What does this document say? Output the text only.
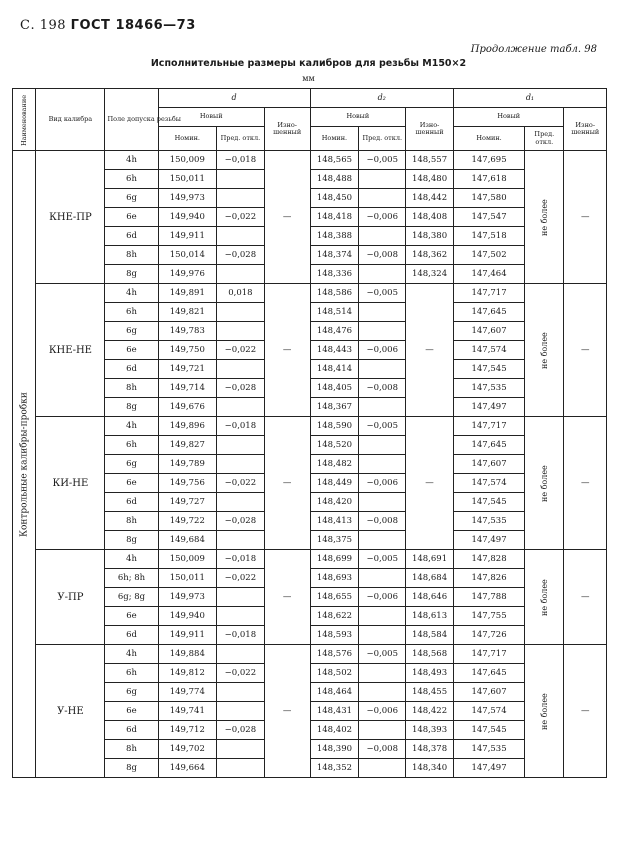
С. 198 ГОСТ 18466—73
Продолжение табл. 98
Исполнительные размеры калибров для резьбы M150×2
мм
Наименование	Вид калибра	Поле допуска резьбы	d			d₂			d₁		
			Новый		Изно-шенный	Новый		Изно-шенный	Новый		Изно-шенный
			Номин.	Пред. откл.		Номин.	Пред. откл.		Номин.	Пред. откл.	
Контрольные калибры-пробки	КНЕ-ПР	4h	150,009	−0,018	—	148,565	−0,005	148,557	147,695	не более	—
		6h	150,011			148,488		148,480	147,618		
		6g	149,973			148,450		148,442	147,580		
		6e	149,940	−0,022		148,418	−0,006	148,408	147,547		
		6d	149,911			148,388		148,380	147,518		
		8h	150,014	−0,028		148,374	−0,008	148,362	147,502		
		8g	149,976			148,336		148,324	147,464		
	КНЕ-НЕ	4h	149,891	0,018	—	148,586	−0,005	—	147,717	не более	—
		6h	149,821			148,514			147,645		
		6g	149,783			148,476			147,607		
		6e	149,750	−0,022		148,443	−0,006		147,574		
		6d	149,721			148,414			147,545		
		8h	149,714	−0,028		148,405	−0,008		147,535		
		8g	149,676			148,367			147,497		
	КИ-НЕ	4h	149,896	−0,018	—	148,590	−0,005	—	147,717	не более	—
		6h	149,827			148,520			147,645		
		6g	149,789			148,482			147,607		
		6e	149,756	−0,022		148,449	−0,006		147,574		
		6d	149,727			148,420			147,545		
		8h	149,722	−0,028		148,413	−0,008		147,535		
		8g	149,684			148,375			147,497		
	У-ПР	4h	150,009	−0,018	—	148,699	−0,005	148,691	147,828	не более	—
		6h; 8h	150,011	−0,022		148,693		148,684	147,826		
		6g; 8g	149,973			148,655	−0,006	148,646	147,788		
		6e	149,940			148,622		148,613	147,755		
		6d	149,911	−0,018		148,593		148,584	147,726		
	У-НЕ	4h	149,884		—	148,576	−0,005	148,568	147,717	не более	—
		6h	149,812	−0,022		148,502		148,493	147,645		
		6g	149,774			148,464		148,455	147,607		
		6e	149,741			148,431	−0,006	148,422	147,574		
		6d	149,712	−0,028		148,402		148,393	147,545		
		8h	149,702			148,390	−0,008	148,378	147,535		
		8g	149,664			148,352		148,340	147,497		
